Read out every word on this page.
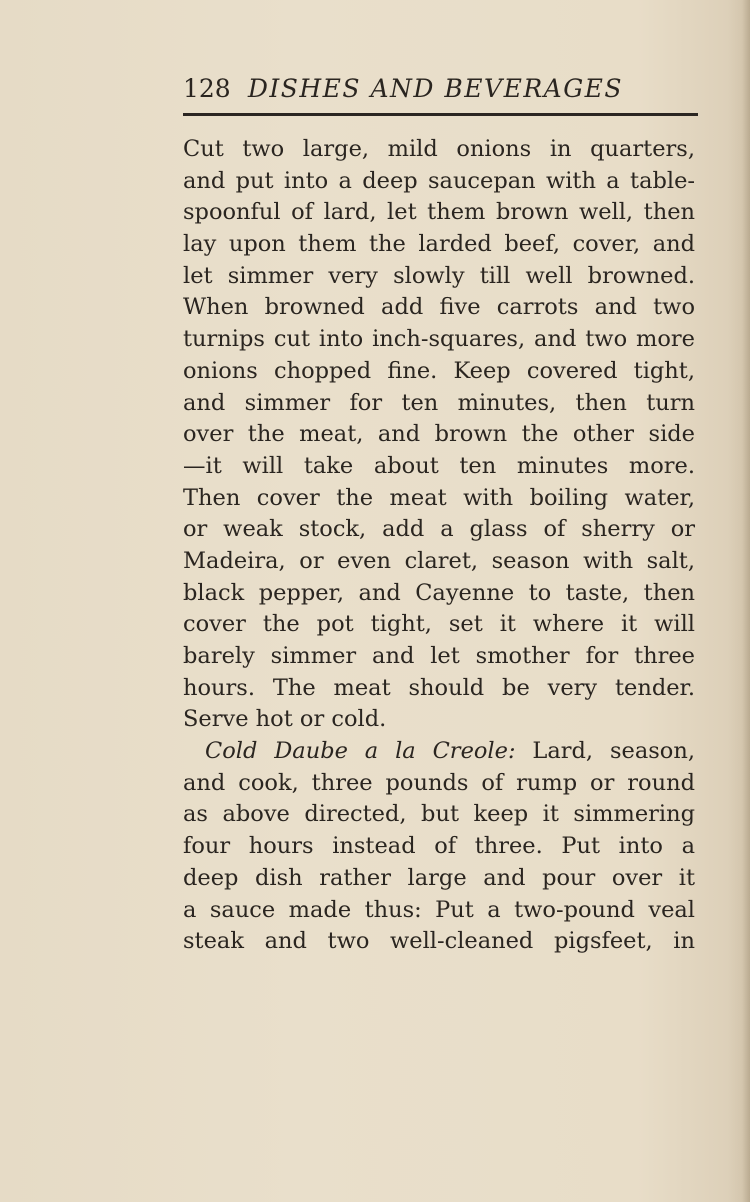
128 DISHES AND BEVERAGES
Cut two large, mild onions in quarters,
and put into a deep saucepan with a table-
spoonful of lard, let them brown well, then
lay upon them the larded beef, cover, and
let simmer very slowly till well browned.
When browned add five carrots and two
turnips cut into inch-squares, and two more
onions chopped fine. Keep covered tight,
and simmer for ten minutes, then turn
over the meat, and brown the other side
—it will take about ten minutes more.
Then cover the meat with boiling water,
or weak stock, add a glass of sherry or
Madeira, or even claret, season with salt,
black pepper, and Cayenne to taste, then
cover the pot tight, set it where it will
barely simmer and let smother for three
hours. The meat should be very tender.
Serve hot or cold.
Cold Daube a la Creole: Lard, season,
and cook, three pounds of rump or round
as above directed, but keep it simmering
four hours instead of three. Put into a
deep dish rather large and pour over it
a sauce made thus: Put a two-pound veal
steak and two well-cleaned pigsfeet, in
